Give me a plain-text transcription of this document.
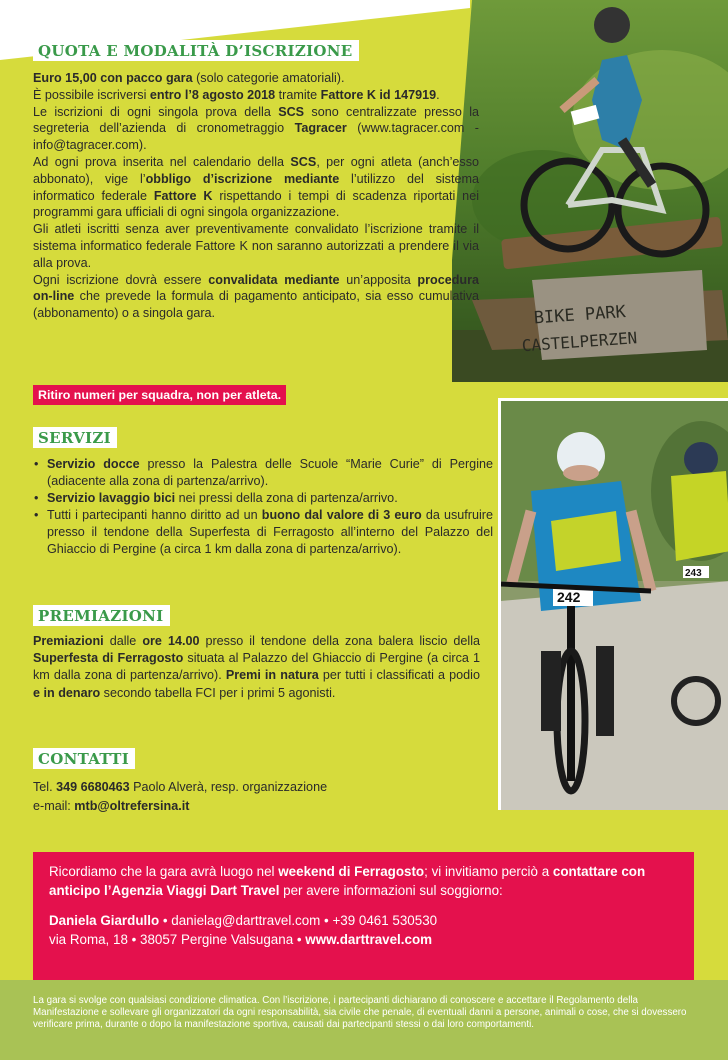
BIKE PARK
CASTELPERZEN
243
242
QUOTA E MODALITÀ D’ISCRIZIONE
Euro 15,00 con pacco gara (solo categorie amatoriali).
È possibile iscriversi entro l’8 agosto 2018 tramite Fattore K id 147919.
Le iscrizioni di ogni singola prova della SCS sono centralizzate presso la segreteria dell’azienda di cronometraggio Tagracer (www.tagracer.com - info@tagracer.com).
Ad ogni prova inserita nel calendario della SCS, per ogni atleta (anch’esso abbonato), vige l’obbligo d’iscrizione mediante l’utilizzo del sistema informatico federale Fattore K rispettando i tempi di scadenza riportati nei programmi gara ufficiali di ogni singola organizzazione.
Gli atleti iscritti senza aver preventivamente convalidato l’iscrizione tramite il sistema informatico federale Fattore K non saranno autorizzati a prendere il via alla prova.
Ogni iscrizione dovrà essere convalidata mediante un’apposita procedura on-line che prevede la formula di pagamento anticipato, sia esso cumulativa (abbonamento) o a singola gara.
Ritiro numeri per squadra, non per atleta.
SERVIZI
• Servizio docce presso la Palestra delle Scuole “Marie Curie” di Pergine (adiacente alla zona di partenza/arrivo).
• Servizio lavaggio bici nei pressi della zona di partenza/arrivo.
• Tutti i partecipanti hanno diritto ad un buono dal valore di 3 euro da usufruire presso il tendone della Superfesta di Ferragosto all’interno del Palazzo del Ghiaccio di Pergine (a circa 1 km dalla zona di partenza/arrivo).
PREMIAZIONI
Premiazioni dalle ore 14.00 presso il tendone della zona balera liscio della Superfesta di Ferragosto situata al Palazzo del Ghiaccio di Pergine (a circa 1 km dalla zona di partenza/arrivo). Premi in natura per tutti i classificati a podio e in denaro secondo tabella FCI per i primi 5 agonisti.
CONTATTI
Tel. 349 6680463 Paolo Alverà, resp. organizzazione
e-mail: mtb@oltrefersina.it
Ricordiamo che la gara avrà luogo nel weekend di Ferragosto; vi invitiamo perciò a contattare con anticipo l’Agenzia Viaggi Dart Travel per avere informazioni sul soggiorno:
Daniela Giardullo • danielag@darttravel.com • +39 0461 530530
via Roma, 18 • 38057 Pergine Valsugana • www.darttravel.com
La gara si svolge con qualsiasi condizione climatica. Con l’iscrizione, i partecipanti dichiarano di conoscere e accettare il Regolamento della Manifestazione e sollevare gli organizzatori da ogni responsabilità, sia civile che penale, di eventuali danni a persone, animali o cose, che si dovessero verificare prima, durante o dopo la manifestazione sportiva, causati dai partecipanti stessi o dai loro comportamenti.
